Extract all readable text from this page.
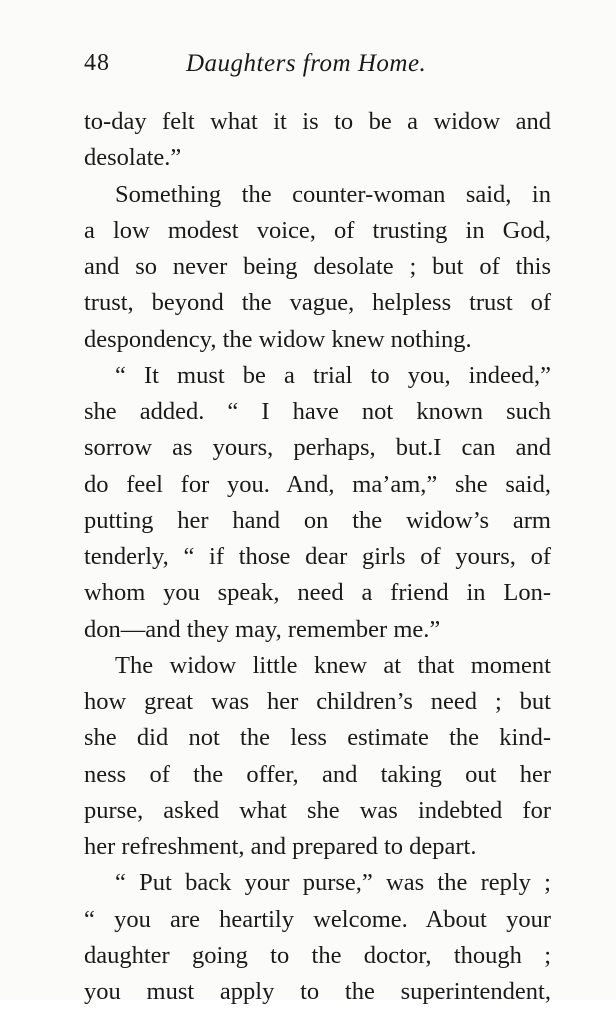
48	Daughters from Home.
to-day felt what it is to be a widow and
desolate.”
Something the counter-woman said, in
a low modest voice, of trusting in God,
and so never being desolate ; but of this
trust, beyond the vague, helpless trust of
despondency, the widow knew nothing.
“ It must be a trial to you, indeed,”
she added. “ I have not known such
sorrow as yours, perhaps, but.I can and
do feel for you. And, ma’am,” she said,
putting her hand on the widow’s arm
tenderly, “ if those dear girls of yours, of
whom you speak, need a friend in Lon-
don—and they may, remember me.”
The widow little knew at that moment
how great was her children’s need ; but
she did not the less estimate the kind-
ness of the offer, and taking out her
purse, asked what she was indebted for
her refreshment, and prepared to depart.
“ Put back your purse,” was the reply ;
“ you are heartily welcome. About your
daughter going to the doctor, though ;
you must apply to the superintendent,
